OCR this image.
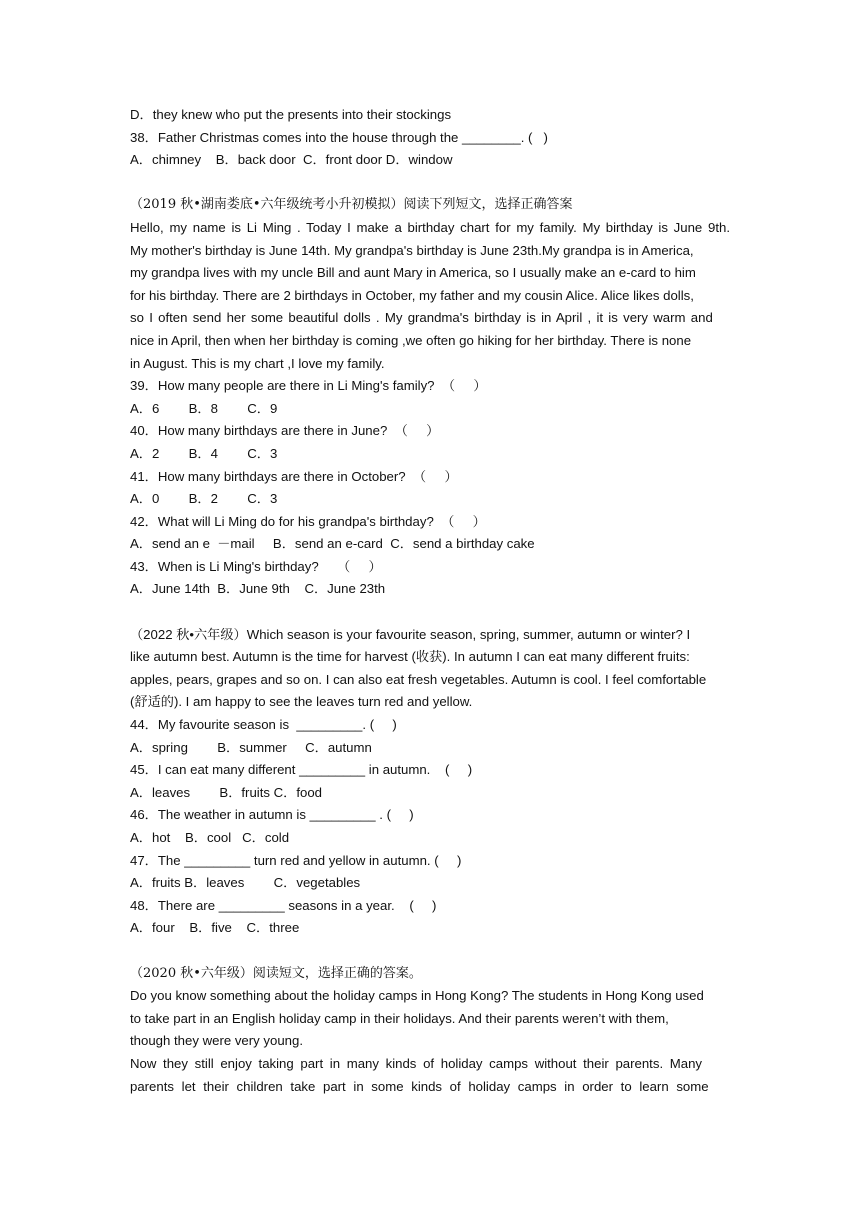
D．they knew who put the presents into their stockings
38．Father Christmas comes into the house through the ________. (   )
A．chimney    B．back door  C．front door D．window
（2019 秋•湖南娄底•六年级统考小升初模拟）阅读下列短文，选择正确答案
Hello, my name is Li Ming . Today I make a birthday chart for my family. My birthday is June 9th.
My mother's birthday is June 14th. My grandpa's birthday is June 23th.My grandpa is in America,
my grandpa lives with my uncle Bill and aunt Mary in America, so I usually make an e-card to him
for his birthday. There are 2 birthdays in October, my father and my cousin Alice. Alice likes dolls,
so I often send her some beautiful dolls . My grandma's birthday is in April , it is very warm and
nice in April, then when her birthday is coming ,we often go hiking for her birthday. There is none
in August. This is my chart ,I love my family.
39．How many people are there in Li Ming's family?  （     ）
A．6        B．8        C．9
40．How many birthdays are there in June?  （     ）
A．2        B．4        C．3
41．How many birthdays are there in October?  （     ）
A．0        B．2        C．3
42．What will Li Ming do for his grandpa's birthday?  （     ）
A．send an e  －mail     B．send an e-card  C．send a birthday cake
43．When is Li Ming's birthday?     （     ）
A．June 14th  B．June 9th    C．June 23th
（2022 秋•六年级）Which season is your favourite season, spring, summer, autumn or winter? I
like autumn best. Autumn is the time for harvest (收获). In autumn I can eat many different fruits:
apples, pears, grapes and so on. I can also eat fresh vegetables. Autumn is cool. I feel comfortable
(舒适的). I am happy to see the leaves turn red and yellow.
44．My favourite season is  _________. (     )
A．spring        B．summer     C．autumn
45．I can eat many different _________ in autumn.    (     )
A．leaves        B．fruits C．food
46．The weather in autumn is _________ . (     )
A．hot    B．cool   C．cold
47．The _________ turn red and yellow in autumn. (     )
A．fruits B．leaves        C．vegetables
48．There are _________ seasons in a year.    (     )
A．four    B．five    C．three
（2020 秋•六年级）阅读短文，选择正确的答案。
Do you know something about the holiday camps in Hong Kong? The students in Hong Kong used
to take part in an English holiday camp in their holidays. And their parents weren’t with them,
though they were very young.
Now they still enjoy taking part in many kinds of holiday camps without their parents. Many
parents let their children take part in some kinds of holiday camps in order to learn some
